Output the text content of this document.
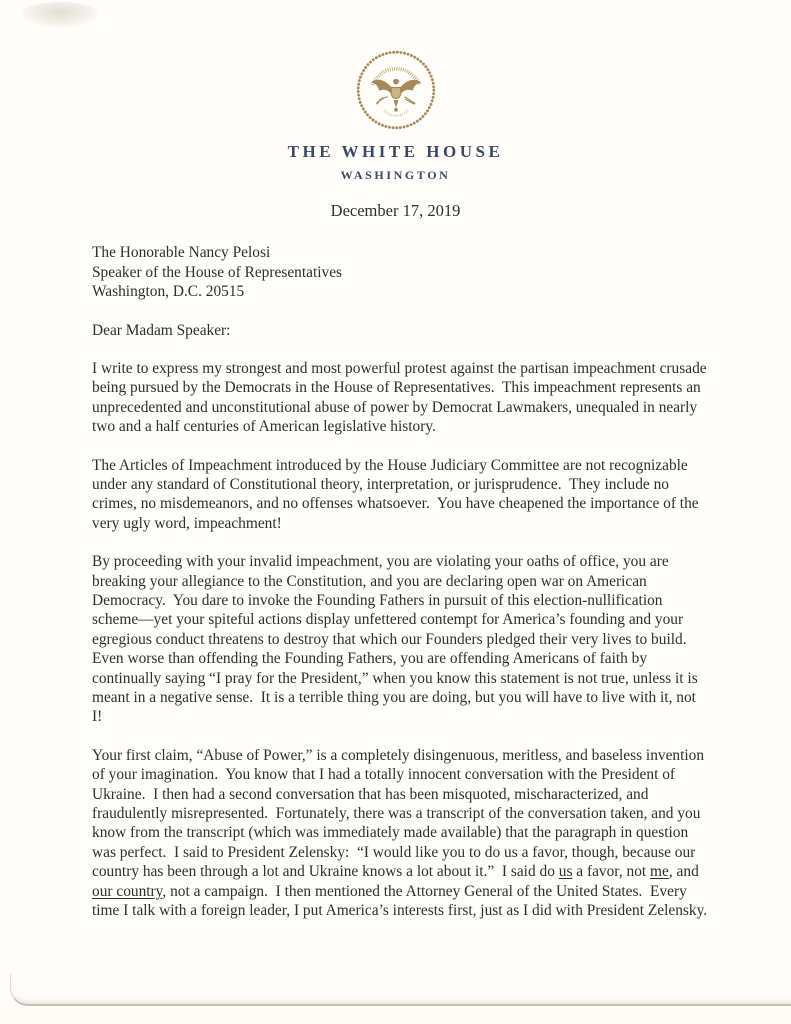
THE WHITE HOUSE
WASHINGTON
December 17, 2019
The Honorable Nancy Pelosi
Speaker of the House of Representatives
Washington, D.C. 20515
Dear Madam Speaker:

I write to express my strongest and most powerful protest against the partisan impeachment crusade being pursued by the Democrats in the House of Representatives.  This impeachment represents an unprecedented and unconstitutional abuse of power by Democrat Lawmakers, unequaled in nearly two and a half centuries of American legislative history.

The Articles of Impeachment introduced by the House Judiciary Committee are not recognizable under any standard of Constitutional theory, interpretation, or jurisprudence.  They include no crimes, no misdemeanors, and no offenses whatsoever.  You have cheapened the importance of the very ugly word, impeachment!

By proceeding with your invalid impeachment, you are violating your oaths of office, you are breaking your allegiance to the Constitution, and you are declaring open war on American Democracy.  You dare to invoke the Founding Fathers in pursuit of this election-nullification scheme—yet your spiteful actions display unfettered contempt for America’s founding and your egregious conduct threatens to destroy that which our Founders pledged their very lives to build.  Even worse than offending the Founding Fathers, you are offending Americans of faith by continually saying “I pray for the President,” when you know this statement is not true, unless it is meant in a negative sense.  It is a terrible thing you are doing, but you will have to live with it, not I!

Your first claim, “Abuse of Power,” is a completely disingenuous, meritless, and baseless invention of your imagination.  You know that I had a totally innocent conversation with the President of Ukraine.  I then had a second conversation that has been misquoted, mischaracterized, and fraudulently misrepresented.  Fortunately, there was a transcript of the conversation taken, and you know from the transcript (which was immediately made available) that the paragraph in question was perfect.  I said to President Zelensky:  “I would like you to do us a favor, though, because our country has been through a lot and Ukraine knows a lot about it.”  I said do us a favor, not me, and our country, not a campaign.  I then mentioned the Attorney General of the United States.  Every time I talk with a foreign leader, I put America’s interests first, just as I did with President Zelensky.
